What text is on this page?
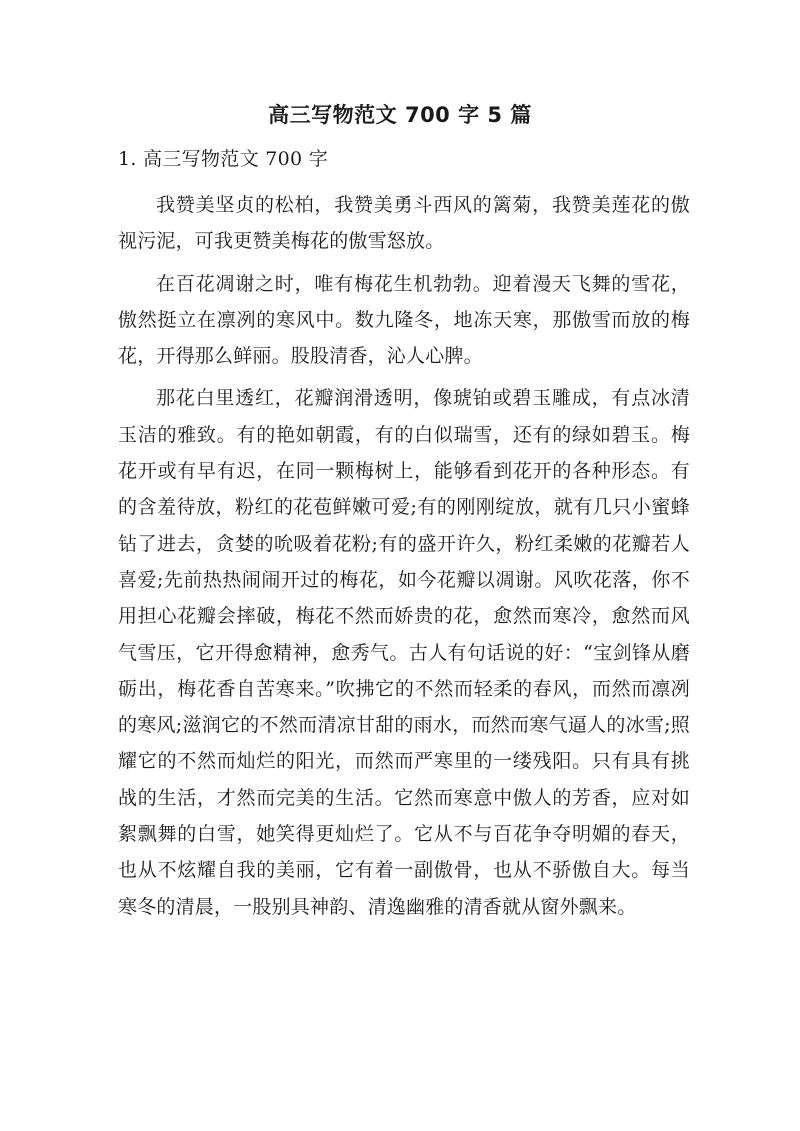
高三写物范文 700 字 5 篇
1. 高三写物范文 700 字

我赞美坚贞的松柏，我赞美勇斗西风的篱菊，我赞美莲花的傲视污泥，可我更赞美梅花的傲雪怒放。

在百花凋谢之时，唯有梅花生机勃勃。迎着漫天飞舞的雪花，傲然挺立在凛冽的寒风中。数九隆冬，地冻天寒，那傲雪而放的梅花，开得那么鲜丽。股股清香，沁人心脾。

那花白里透红，花瓣润滑透明，像琥铂或碧玉雕成，有点冰清玉洁的雅致。有的艳如朝霞，有的白似瑞雪，还有的绿如碧玉。梅花开或有早有迟，在同一颗梅树上，能够看到花开的各种形态。有的含羞待放，粉红的花苞鲜嫩可爱;有的刚刚绽放，就有几只小蜜蜂钻了进去，贪婪的吮吸着花粉;有的盛开许久，粉红柔嫩的花瓣若人喜爱;先前热热闹闹开过的梅花，如今花瓣以凋谢。风吹花落，你不用担心花瓣会摔破，梅花不然而娇贵的花，愈然而寒冷，愈然而风气雪压，它开得愈精神，愈秀气。古人有句话说的好：“宝剑锋从磨砺出，梅花香自苦寒来。”吹拂它的不然而轻柔的春风，而然而凛冽的寒风;滋润它的不然而清凉甘甜的雨水，而然而寒气逼人的冰雪;照耀它的不然而灿烂的阳光，而然而严寒里的一缕残阳。只有具有挑战的生活，才然而完美的生活。它然而寒意中傲人的芳香，应对如絮飘舞的白雪，她笑得更灿烂了。它从不与百花争夺明媚的春天，也从不炫耀自我的美丽，它有着一副傲骨，也从不骄傲自大。每当寒冬的清晨，一股别具神韵、清逸幽雅的清香就从窗外飘来。
